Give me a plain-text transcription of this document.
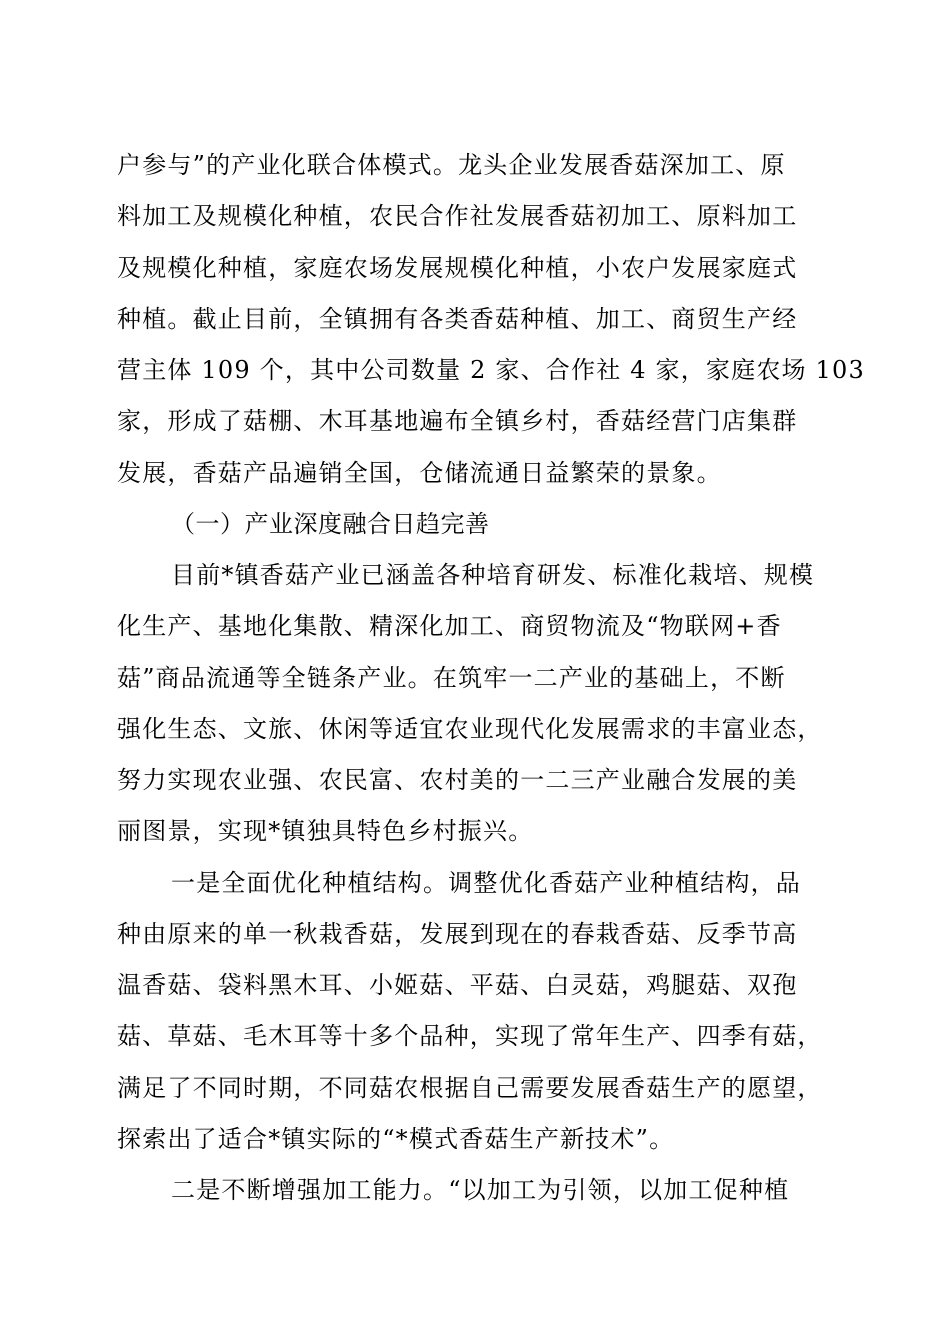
户参与”的产业化联合体模式。龙头企业发展香菇深加工、原
料加工及规模化种植，农民合作社发展香菇初加工、原料加工
及规模化种植，家庭农场发展规模化种植，小农户发展家庭式
种植。截止目前，全镇拥有各类香菇种植、加工、商贸生产经
营主体 109 个，其中公司数量 2 家、合作社 4 家，家庭农场 103
家，形成了菇棚、木耳基地遍布全镇乡村，香菇经营门店集群
发展，香菇产品遍销全国，仓储流通日益繁荣的景象。
（一）产业深度融合日趋完善
目前*镇香菇产业已涵盖各种培育研发、标准化栽培、规模
化生产、基地化集散、精深化加工、商贸物流及“物联网+香
菇”商品流通等全链条产业。在筑牢一二产业的基础上，不断
强化生态、文旅、休闲等适宜农业现代化发展需求的丰富业态，
努力实现农业强、农民富、农村美的一二三产业融合发展的美
丽图景，实现*镇独具特色乡村振兴。
一是全面优化种植结构。调整优化香菇产业种植结构，品
种由原来的单一秋栽香菇，发展到现在的春栽香菇、反季节高
温香菇、袋料黑木耳、小姬菇、平菇、白灵菇，鸡腿菇、双孢
菇、草菇、毛木耳等十多个品种，实现了常年生产、四季有菇，
满足了不同时期，不同菇农根据自己需要发展香菇生产的愿望，
探索出了适合*镇实际的“*模式香菇生产新技术”。
二是不断增强加工能力。“以加工为引领，以加工促种植
